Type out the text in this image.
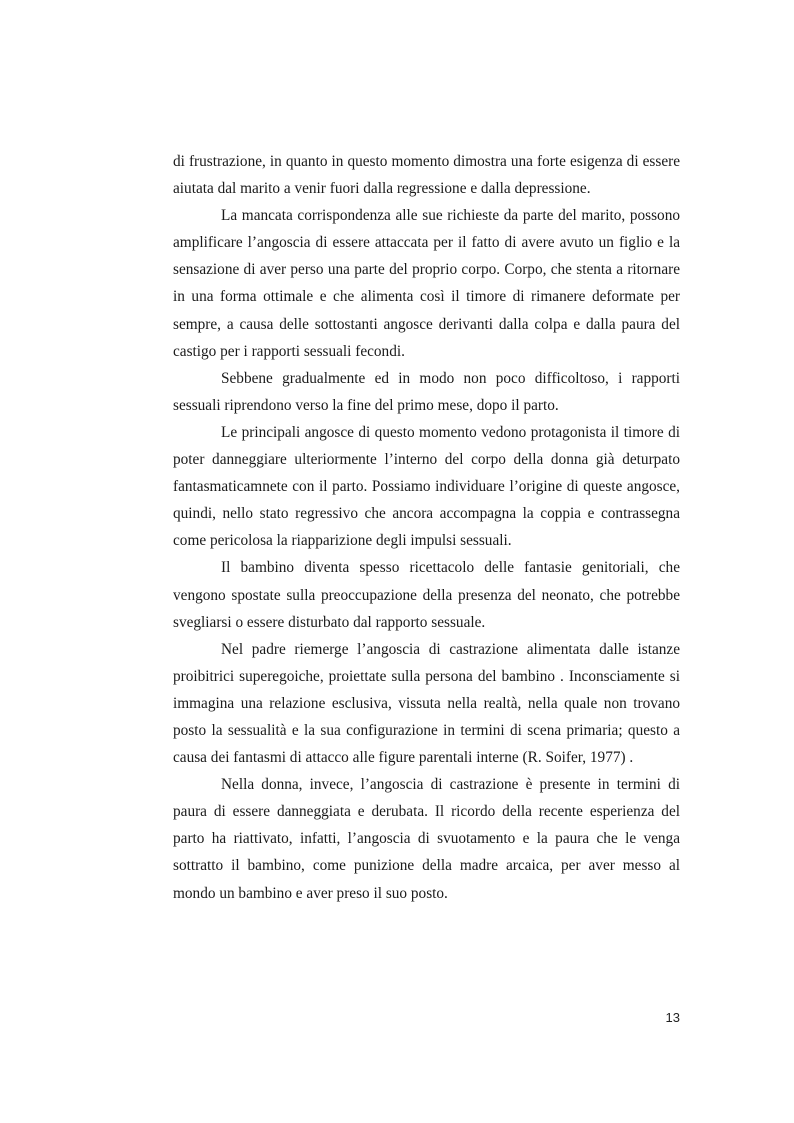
di frustrazione, in quanto in questo momento dimostra una forte esigenza di essere aiutata dal marito a venir fuori dalla regressione e dalla depressione.

La mancata corrispondenza alle sue richieste da parte del marito, possono amplificare l’angoscia di essere attaccata per il fatto di avere avuto un figlio e la sensazione di aver perso una parte del proprio corpo. Corpo, che stenta a ritornare in una forma ottimale e che alimenta così il timore di rimanere deformate per sempre, a causa delle sottostanti angosce derivanti dalla colpa e dalla paura del castigo per i rapporti sessuali fecondi.

Sebbene gradualmente ed in modo non poco difficoltoso, i rapporti sessuali riprendono verso la fine del primo mese, dopo il parto.

Le principali angosce di questo momento vedono protagonista il timore di poter danneggiare ulteriormente l’interno del corpo della donna già deturpato fantasmaticamnete con il parto. Possiamo individuare l’origine di queste angosce, quindi, nello stato regressivo che ancora accompagna la coppia e contrassegna come pericolosa la riapparizione degli impulsi sessuali.

Il bambino diventa spesso ricettacolo delle fantasie genitoriali, che vengono spostate sulla preoccupazione della presenza del neonato, che potrebbe svegliarsi o essere disturbato dal rapporto sessuale.

Nel padre riemerge l’angoscia di castrazione alimentata dalle istanze proibitrici superegoiche, proiettate sulla persona del bambino . Inconsciamente si immagina una relazione esclusiva, vissuta nella realtà, nella quale non trovano posto la sessualità e la sua configurazione in termini di scena primaria; questo a causa dei fantasmi di attacco alle figure parentali interne (R. Soifer, 1977) .

Nella donna, invece, l’angoscia di castrazione è presente in termini di paura di essere danneggiata e derubata. Il ricordo della recente esperienza del parto ha riattivato, infatti, l’angoscia di svuotamento e la paura che le venga sottratto il bambino, come punizione della madre arcaica, per aver messo al mondo un bambino e aver preso il suo posto.

13
